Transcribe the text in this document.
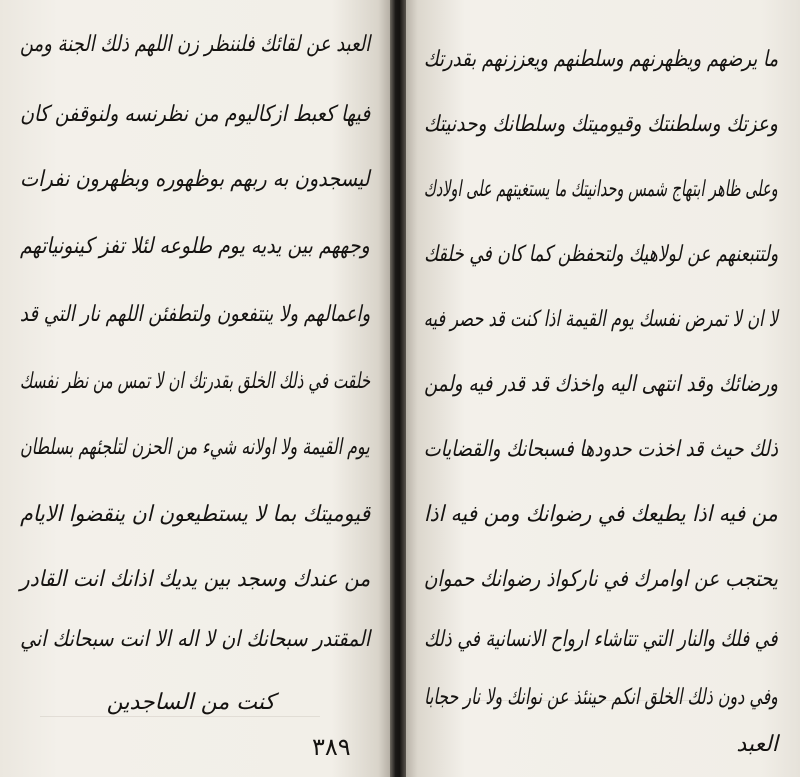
العبد عن لقائك فلننظر زن اللهم ذلك الجنة ومن
فيها كعبط ازكاليوم من نظرنسه ولنوقفن كان
ليسجدون به ربهم بوظهوره وبظهرون نفرات
وجههم بين يديه يوم طلوعه لئلا تفز كينونياتهم
واعمالهم ولا ينتفعون ولتطفئن اللهم نار التي قد
خلقت في ذلك الخلق بقدرتك ان لا تمس من نظر نفسك
يوم القيمة ولا اولانه شيء من الحزن لتلجئهم بسلطان
قيوميتك بما لا يستطيعون ان ينقضوا الايام
من عندك وسجد بين يديك اذانك انت القادر
المقتدر سبحانك ان لا اله الا انت سبحانك اني
كنت من الساجدين
٣٨٩
ما يرضهم ويظهرنهم وسلطنهم ويعززنهم بقدرتك
وعزتك وسلطنتك وقيوميتك وسلطانك وحدنيتك
وعلى ظاهر ابتهاج شمس وحدانيتك ما يستغيتهم على اولادك
ولتتبعنهم عن لولاهيك ولتحفظن كما كان في خلقك
لا ان لا تمرض نفسك يوم القيمة اذا كنت قد حصر فيه
ورضائك وقد انتهى اليه واخذك قد قدر فيه ولمن
ذلك حيث قد اخذت حدودها فسبحانك والقضايات
من فيه اذا يطيعك في رضوانك ومن فيه اذا
يحتجب عن اوامرك في ناركواذ رضوانك حموان
في فلك والنار التي تتاشاء ارواح الانسانية في ذلك
وفي دون ذلك الخلق انكم حينئذ عن نوانك ولا نار حجابا
العبد
